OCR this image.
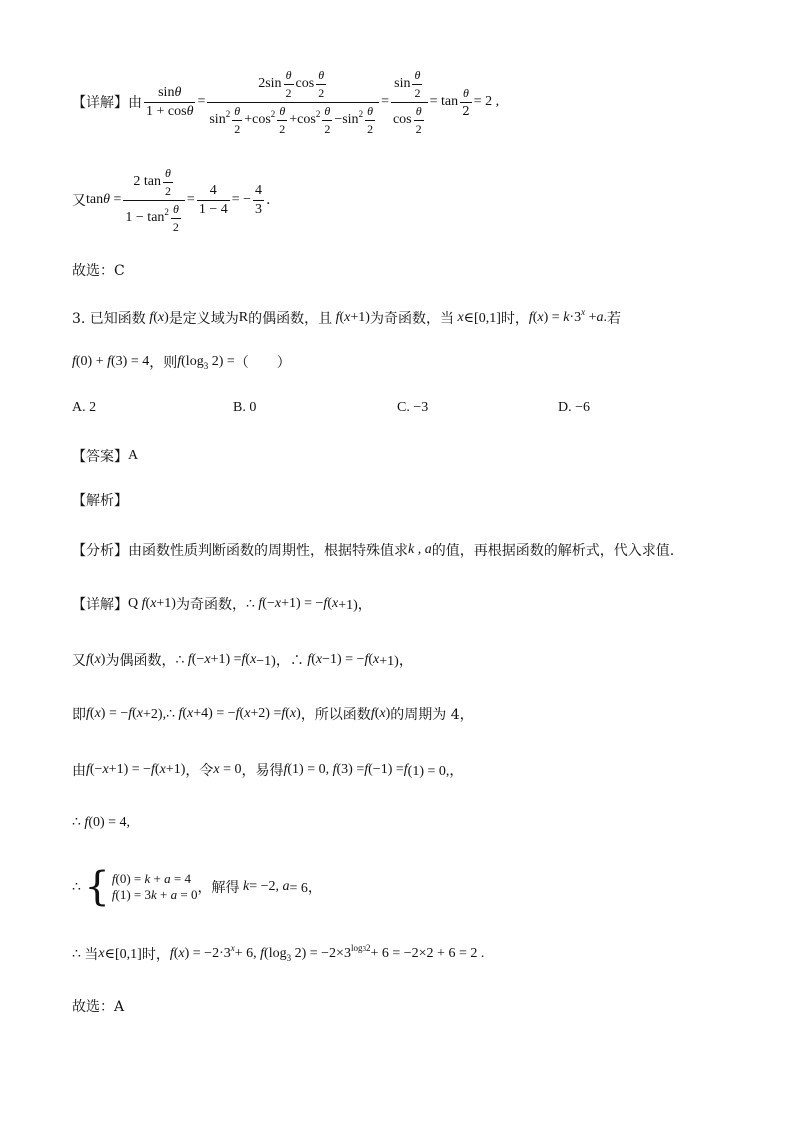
【详解】由 $\frac{\text{sin θ}}{\text{1 + cos θ}} = \frac{2\sin \frac{\theta}{2} \cos \frac{\theta}{2}}{\sin 2 \frac{\theta}{2} +\cos 2 \frac{\theta}{2} +\cos 2 \frac{\theta}{2} -\sin 2 \frac{\theta}{2}} = \frac{\sin \frac{\theta}{2}}{\cos \frac{\theta}{2}} = \tan \frac{\theta}{2} = 2$ ,
又 $\tan\theta = \frac{2 \tan \frac{\theta}{2}}{1 - \tan 2 \frac{\theta}{2}} = \frac{4}{1 - 4}$ = − $\frac{4}{3}$ .
故选：C
3. 已知函数 f ( x ) 是定义域为 R 的偶函数，且 f ( x +1) 为奇函数，当 x ∈[0,1] 时， f ( x ) = k ·3 x + a . 若
f (0) + f (3) = 4 ，则 f (log 3 2) = （　　）
A. 2	B. 0	C. −3	D. −6
【答案】 A
【解析】
【分析】 由函数性质判断函数的周期性，根据特殊值求 k , a 的值，再根据函数的解析式，代入求值.
【详解】 Q f ( x +1) 为奇函数， ∴ f (− x +1) = − f ( x +1)，
又 f ( x ) 为偶函数， ∴ f (− x +1) = f ( x −1)，∴ f ( x −1) = − f ( x +1)，
即 f ( x ) = − f ( x +2),∴ f ( x +4) = − f ( x +2) = f ( x ) ，所以函数 f ( x ) 的周期为 4，
由 f (− x +1) = − f ( x +1) ，令 x = 0 ，易得 f (1) = 0, f (3) = f (−1) = f (1) = 0,，
∴ f (0) = 4,
∴ { f(0) = k + a = 4
f(1) = 3k + a = 0 ， 解得 k = −2, a = 6，
∴ 当 x ∈[0,1] 时， f ( x ) = −2·3 x + 6, f (log 3 2) = −2×3 log32 + 6 = −2×2 + 6 = 2 .
故选：A
